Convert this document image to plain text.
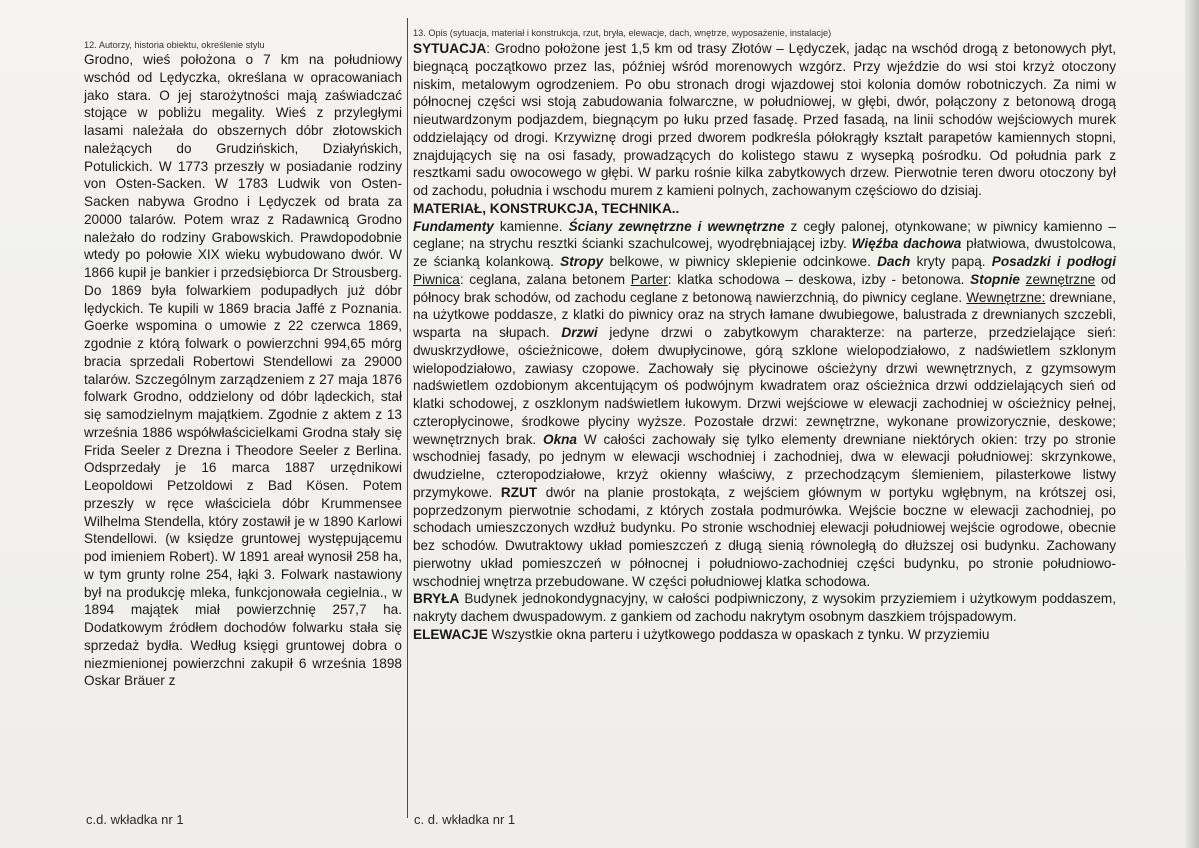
12. Autorzy, historia obiektu, określenie stylu

Grodno, wieś położona o 7 km na południowy wschód od Lędyczka, określana w opracowaniach jako stara. O jej starożytności mają zaświadczać stojące w pobliżu megality. Wieś z przyległymi lasami należała do obszernych dóbr złotowskich należących do Grudzińskich, Działyńskich, Potulickich. W 1773 przeszły w posiadanie rodziny von Osten-Sacken. W 1783 Ludwik von Osten-Sacken nabywa Grodno i Lędyczek od brata za 20000 talarów. Potem wraz z Radawnicą Grodno należało do rodziny Grabowskich. Prawdopodobnie wtedy po połowie XIX wieku wybudowano dwór. W 1866 kupił je bankier i przedsiębiorca Dr Strousberg. Do 1869 była folwarkiem podupadłych już dóbr lędyckich. Te kupili w 1869 bracia Jaffé z Poznania. Goerke wspomina o umowie z 22 czerwca 1869, zgodnie z którą folwark o powierzchni 994,65 mórg bracia sprzedali Robertowi Stendellowi za 29000 talarów. Szczególnym zarządzeniem z 27 maja 1876 folwark Grodno, oddzielony od dóbr lądeckich, stał się samodzielnym majątkiem. Zgodnie z aktem z 13 września 1886 współwłaścicielkami Grodna stały się Frida Seeler z Drezna i Theodore Seeler z Berlina. Odsprzedały je 16 marca 1887 urzędnikowi Leopoldowi Petzoldowi z Bad Kösen. Potem przeszły w ręce właściciela dóbr Krummensee Wilhelma Stendella, który zostawił je w 1890 Karlowi Stendellowi. (w księdze gruntowej występującemu pod imieniem Robert). W 1891 areał wynosił 258 ha, w tym grunty rolne 254, łąki 3. Folwark nastawiony był na produkcję mleka, funkcjonowała cegielnia., w 1894 majątek miał powierzchnię 257,7 ha. Dodatkowym źródłem dochodów folwarku stała się sprzedaż bydła. Według księgi gruntowej dobra o niezmienionej powierzchni zakupił 6 września 1898 Oskar Bräuer z

13. Opis (sytuacja, materiał i konstrukcja, rzut, bryła, elewacje, dach, wnętrze, wyposażenie, instalacje)

SYTUACJA: Grodno położone jest 1,5 km od trasy Złotów – Lędyczek, jadąc na wschód drogą z betonowych płyt, biegnącą początkowo przez las, później wśród morenowych wzgórz. Przy wjeździe do wsi stoi krzyż otoczony niskim, metalowym ogrodzeniem. Po obu stronach drogi wjazdowej stoi kolonia domów robotniczych. Za nimi w północnej części wsi stoją zabudowania folwarczne, w południowej, w głębi, dwór, połączony z betonową drogą nieutwardzonym podjazdem, biegnącym po łuku przed fasadę. Przed fasadą, na linii schodów wejściowych murek oddzielający od drogi. Krzywiznę drogi przed dworem podkreśla półokrągły kształt parapetów kamiennych stopni, znajdujących się na osi fasady, prowadzących do kolistego stawu z wysepką pośrodku. Od południa park z resztkami sadu owocowego w głębi. W parku rośnie kilka zabytkowych drzew. Pierwotnie teren dworu otoczony był od zachodu, południa i wschodu murem z kamieni polnych, zachowanym częściowo do dzisiaj.

MATERIAŁ, KONSTRUKCJA, TECHNIKA..

Fundamenty kamienne. Ściany zewnętrzne i wewnętrzne z cegły palonej, otynkowane; w piwnicy kamienno – ceglane; na strychu resztki ścianki szachulcowej, wyodrębniającej izby. Więźba dachowa płatwiowa, dwustolcowa, ze ścianką kolankową. Stropy belkowe, w piwnicy sklepienie odcinkowe. Dach kryty papą. Posadzki i podłogi Piwnica: ceglana, zalana betonem Parter: klatka schodowa – deskowa, izby - betonowa. Stopnie zewnętrzne od północy brak schodów, od zachodu ceglane z betonową nawierzchnią, do piwnicy ceglane. Wewnętrzne: drewniane, na użytkowe poddasze, z klatki do piwnicy oraz na strych łamane dwubiegowe, balustrada z drewnianych szczebli, wsparta na słupach. Drzwi jedyne drzwi o zabytkowym charakterze: na parterze, przedzielające sień: dwuskrzydłowe, ościeżnicowe, dołem dwupłycinowe, górą szklone wielopodziałowo, z nadświetlem szklonym wielopodziałowo, zawiasy czopowe. Zachowały się płycinowe ościeżyny drzwi wewnętrznych, z gzymsowym nadświetlem ozdobionym akcentującym oś podwójnym kwadratem oraz ościeżnica drzwi oddzielających sień od klatki schodowej, z oszklonym nadświetlem łukowym. Drzwi wejściowe w elewacji zachodniej w ościeżnicy pełnej, czteropłycinowe, środkowe płyciny wyższe. Pozostałe drzwi: zewnętrzne, wykonane prowizorycznie, deskowe; wewnętrznych brak. Okna W całości zachowały się tylko elementy drewniane niektórych okien: trzy po stronie wschodniej fasady, po jednym w elewacji wschodniej i zachodniej, dwa w elewacji południowej: skrzynkowe, dwudzielne, czteropodziałowe, krzyż okienny właściwy, z przechodzącym ślemieniem, pilasterkowe listwy przymykowe. RZUT dwór na planie prostokąta, z wejściem głównym w portyku wgłębnym, na krótszej osi, poprzedzonym pierwotnie schodami, z których została podmurówka. Wejście boczne w elewacji zachodniej, po schodach umieszczonych wzdłuż budynku. Po stronie wschodniej elewacji południowej wejście ogrodowe, obecnie bez schodów. Dwutraktowy układ pomieszczeń z długą sienią równoległą do dłuższej osi budynku. Zachowany pierwotny układ pomieszczeń w północnej i południowo-zachodniej części budynku, po stronie południowo- wschodniej wnętrza przebudowane. W części południowej klatka schodowa.

BRYŁA Budynek jednokondygnacyjny, w całości podpiwniczony, z wysokim przyziemiem i użytkowym poddaszem, nakryty dachem dwuspadowym. z gankiem od zachodu nakrytym osobnym daszkiem trójspadowym.

ELEWACJE Wszystkie okna parteru i użytkowego poddasza w opaskach z tynku. W przyziemiu

c.d. wkładka nr 1	c. d. wkładka nr 1
